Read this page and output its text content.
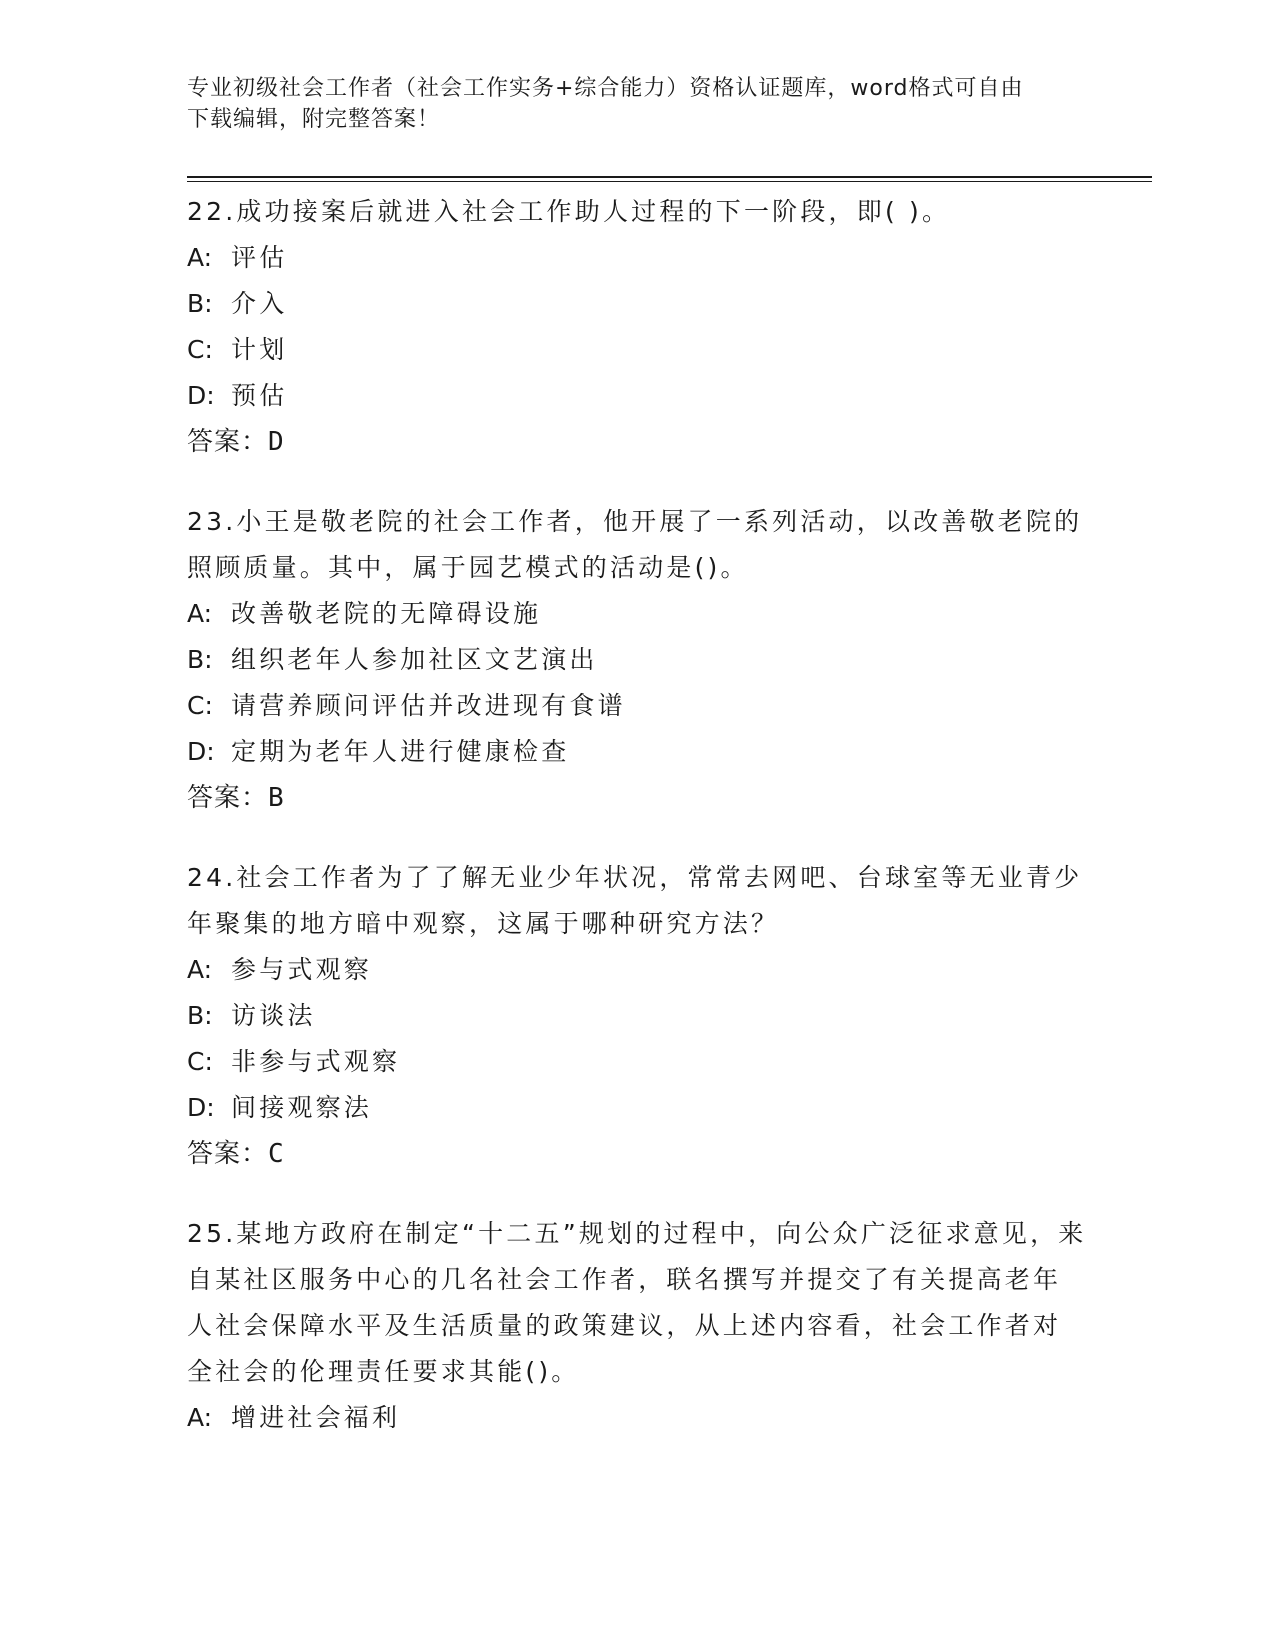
专业初级社会工作者（社会工作实务+综合能力）资格认证题库，word格式可自由
下载编辑，附完整答案！

22.成功接案后就进入社会工作助人过程的下一阶段，即( )。

A: 评估
B: 介入
C: 计划
D: 预估
答案：D

23.小王是敬老院的社会工作者，他开展了一系列活动，以改善敬老院的照顾质量。其中，属于园艺模式的活动是()。

A: 改善敬老院的无障碍设施
B: 组织老年人参加社区文艺演出
C: 请营养顾问评估并改进现有食谱
D: 定期为老年人进行健康检查
答案：B

24.社会工作者为了了解无业少年状况，常常去网吧、台球室等无业青少年聚集的地方暗中观察，这属于哪种研究方法？

A: 参与式观察
B: 访谈法
C: 非参与式观察
D: 间接观察法
答案：C

25.某地方政府在制定“十二五”规划的过程中，向公众广泛征求意见，来自某社区服务中心的几名社会工作者，联名撰写并提交了有关提高老年人社会保障水平及生活质量的政策建议，从上述内容看，社会工作者对全社会的伦理责任要求其能()。

A: 增进社会福利
